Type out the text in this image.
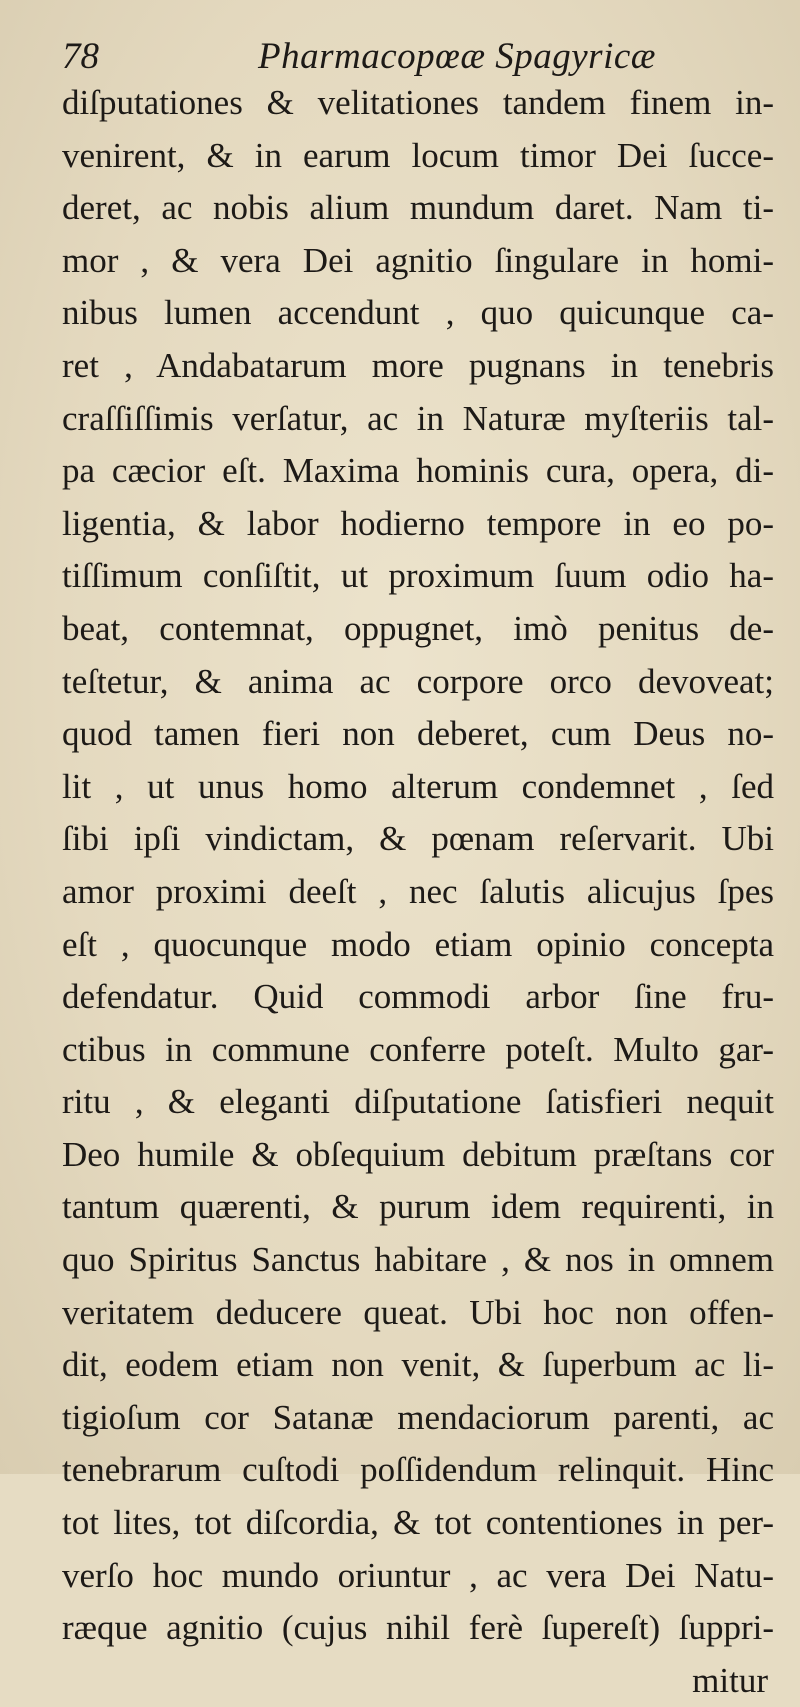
78	Pharmacopœæ Spagyricæ
diſputationes & velitationes tandem finem in-
venirent, & in earum locum timor Dei ſucce-
deret, ac nobis alium mundum daret. Nam ti-
mor , & vera Dei agnitio ſingulare in homi-
nibus lumen accendunt , quo quicunque ca-
ret , Andabatarum more pugnans in tenebris
craſſiſſimis verſatur, ac in Naturæ myſteriis tal-
pa cæcior eſt. Maxima hominis cura, opera, di-
ligentia, & labor hodierno tempore in eo po-
tiſſimum conſiſtit, ut proximum ſuum odio ha-
beat, contemnat, oppugnet, imò penitus de-
teſtetur, & anima ac corpore orco devoveat;
quod tamen fieri non deberet, cum Deus no-
lit , ut unus homo alterum condemnet , ſed
ſibi ipſi vindictam, & pœnam reſervarit. Ubi
amor proximi deeſt , nec ſalutis alicujus ſpes
eſt , quocunque modo etiam opinio concepta
defendatur. Quid commodi arbor ſine fru-
ctibus in commune conferre poteſt. Multo gar-
ritu , & eleganti diſputatione ſatisfieri nequit
Deo humile & obſequium debitum præſtans cor
tantum quærenti, & purum idem requirenti, in
quo Spiritus Sanctus habitare , & nos in omnem
veritatem deducere queat. Ubi hoc non offen-
dit, eodem etiam non venit, & ſuperbum ac li-
tigioſum cor Satanæ mendaciorum parenti, ac
tenebrarum cuſtodi poſſidendum relinquit. Hinc
tot lites, tot diſcordia, & tot contentiones in per-
verſo hoc mundo oriuntur , ac vera Dei Natu-
ræque agnitio (cujus nihil ferè ſupereſt) ſuppri-
mitur
